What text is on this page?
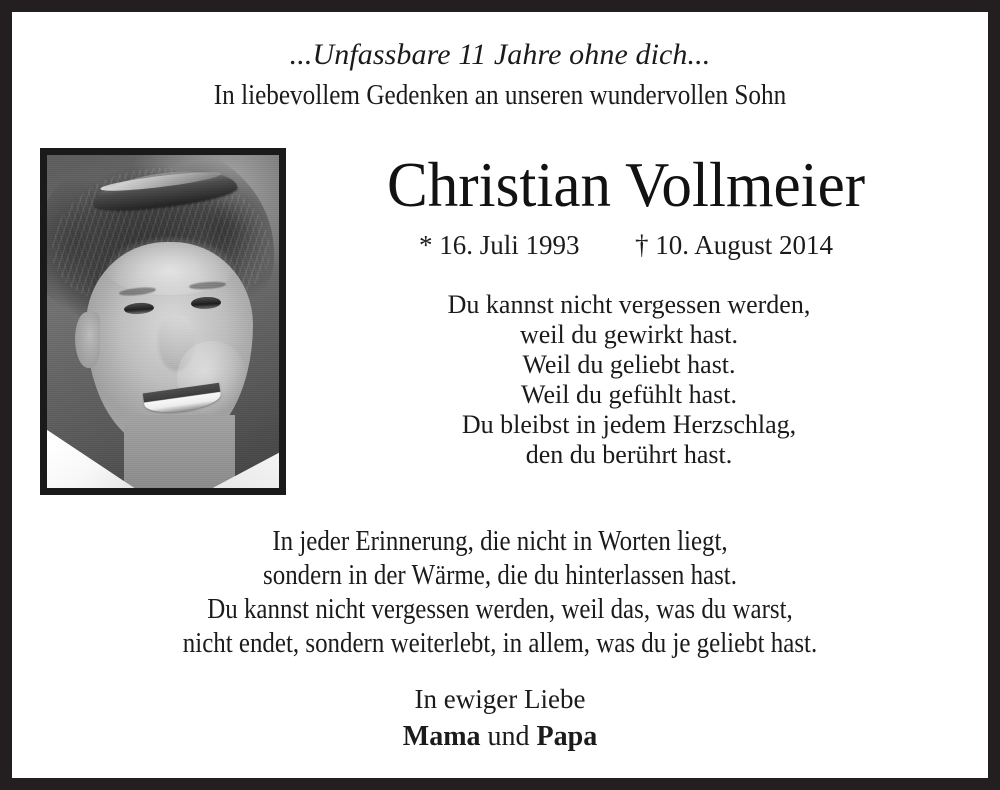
...Unfassbare 11 Jahre ohne dich...
In liebevollem Gedenken an unseren wundervollen Sohn
Christian Vollmeier
* 16. Juli 1993 † 10. August 2014
Du kannst nicht vergessen werden,
weil du gewirkt hast.
Weil du geliebt hast.
Weil du gefühlt hast.
Du bleibst in jedem Herzschlag,
den du berührt hast.
In jeder Erinnerung, die nicht in Worten liegt,
sondern in der Wärme, die du hinterlassen hast.
Du kannst nicht vergessen werden, weil das, was du warst,
nicht endet, sondern weiterlebt, in allem, was du je geliebt hast.
In ewiger Liebe
Mama und Papa
